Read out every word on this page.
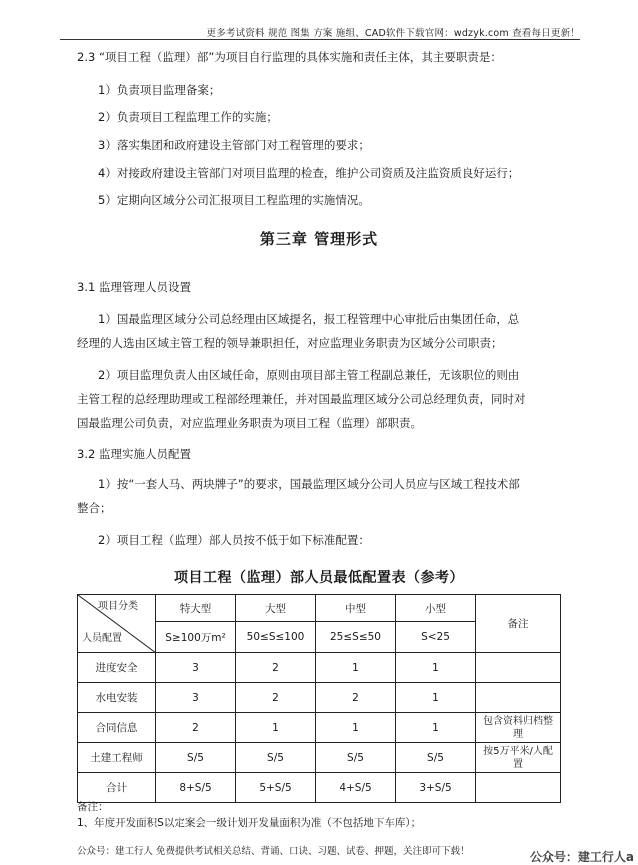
更多考试资料 规范 图集 方案 施组、CAD软件下载官网：wdzyk.com 查看每日更新！
2.3 “项目工程（监理）部”为项目自行监理的具体实施和责任主体，其主要职责是：
1）负责项目监理备案；
2）负责项目工程监理工作的实施；
3）落实集团和政府建设主管部门对工程管理的要求；
4）对接政府建设主管部门对项目监理的检查，维护公司资质及注监资质良好运行；
5）定期向区域分公司汇报项目工程监理的实施情况。
第三章 管理形式
3.1 监理管理人员设置
1）国最监理区域分公司总经理由区域提名，报工程管理中心审批后由集团任命，总
经理的人选由区域主管工程的领导兼职担任，对应监理业务职责为区域分公司职责；
2）项目监理负责人由区域任命，原则由项目部主管工程副总兼任，无该职位的则由
主管工程的总经理助理或工程部经理兼任，并对国最监理区域分公司总经理负责，同时对
国最监理公司负责，对应监理业务职责为项目工程（监理）部职责。
3.2 监理实施人员配置
1）按“一套人马、两块牌子”的要求，国最监理区域分公司人员应与区域工程技术部
整合；
2）项目工程（监理）部人员按不低于如下标准配置：
项目工程（监理）部人员最低配置表（参考）
项目分类
人员配置	特大型	大型	中型	小型	备注
	S≥100万m²	50≤S≤100	25≤S≤50	S<25	
进度安全	3	2	1	1	
水电安装	3	2	2	1	
合同信息	2	1	1	1	包含资料归档整理
土建工程师	S/5	S/5	S/5	S/5	按5万平米/人配置
合计	8+S/5	5+S/5	4+S/5	3+S/5	
备注：
1、年度开发面积S以定案会一级计划开发量面积为准（不包括地下车库）；
公众号：建工行人 免费提供考试相关总结、背诵、口诀、习题、试卷、押题，关注即可下载！	公众号：建工行人a
